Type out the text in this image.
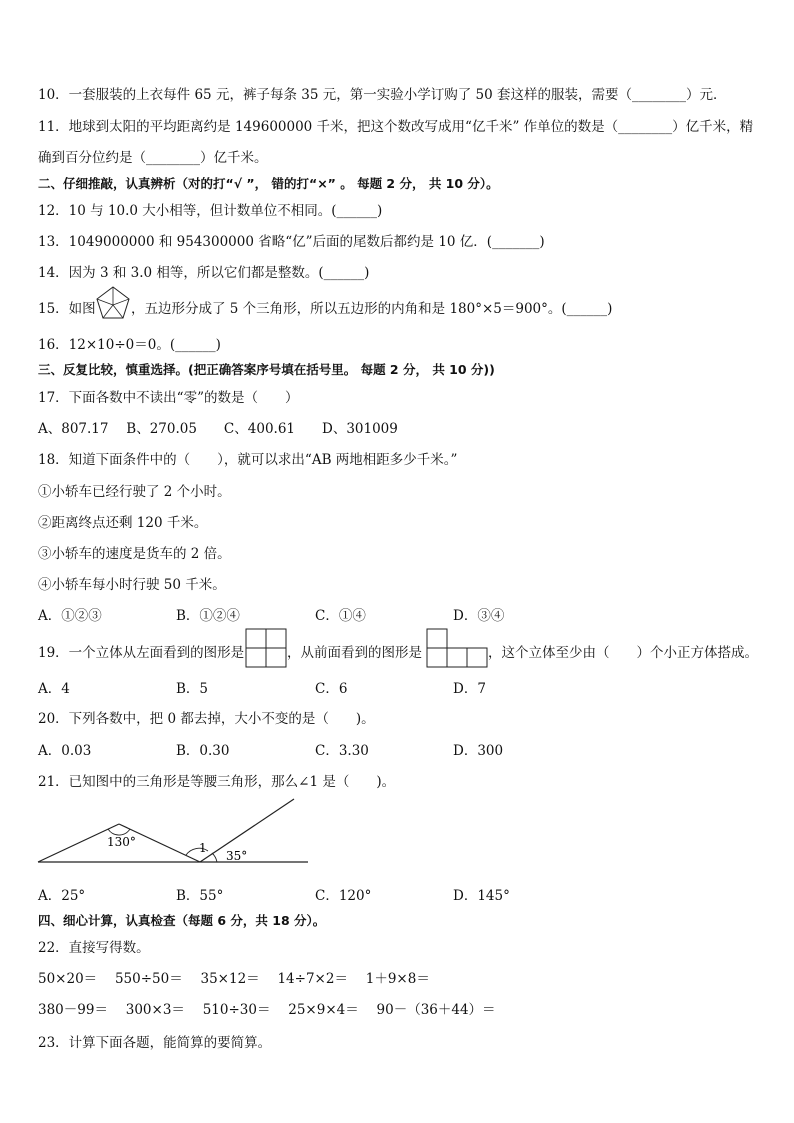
10．一套服装的上衣每件 65 元，裤子每条 35 元，第一实验小学订购了 50 套这样的服装，需要（________）元．
11．地球到太阳的平均距离约是 149600000 千米，把这个数改写成用“亿千米” 作单位的数是（________）亿千米，精
确到百分位约是（________）亿千米。
二、仔细推敲，认真辨析（对的打“√ ”， 错的打“×” 。 每题 2 分， 共 10 分）。
12．10 与 10.0 大小相等，但计数单位不相同。(______)
13．1049000000 和 954300000 省略“亿”后面的尾数后都约是 10 亿．(_______)
14．因为 3 和 3.0 相等，所以它们都是整数。(______)
15．如图	，五边形分成了 5 个三角形，所以五边形的内角和是 180°×5＝900°。(______)
16．12×10÷0＝0。(______)
三、反复比较，慎重选择。(把正确答案序号填在括号里。 每题 2 分， 共 10 分))
17．下面各数中不读出“零”的数是（　　）
A、807.17　 B、270.05　　C、400.61　　D、301009
18．知道下面条件中的（　　），就可以求出“AB 两地相距多少千米。”
①小轿车已经行驶了 2 个小时。
②距离终点还剩 120 千米。
③小轿车的速度是货车的 2 倍。
④小轿车每小时行驶 50 千米。
A．①②③	B．①②④	C．①④	D．③④
19．一个立体从左面看到的图形是	，从前面看到的图形是	，这个立体至少由（　　）个小正方体搭成。
A．4	B．5	C．6	D．7
20．下列各数中，把 0 都去掉，大小不变的是（　　)。
A．0.03	B．0.30	C．3.30	D．300
21．已知图中的三角形是等腰三角形，那么∠1 是（　　)。
130°	1
35°
A．25°	B．55°	C．120°	D．145°
四、细心计算，认真检查（每题 6 分，共 18 分）。
22．直接写得数。
50×20＝　 550÷50＝　 35×12＝　 14÷7×2＝　 1＋9×8＝
380－99＝　 300×3＝　 510÷30＝　 25×9×4＝　 90－（36＋44）＝
23．计算下面各题，能简算的要简算。
